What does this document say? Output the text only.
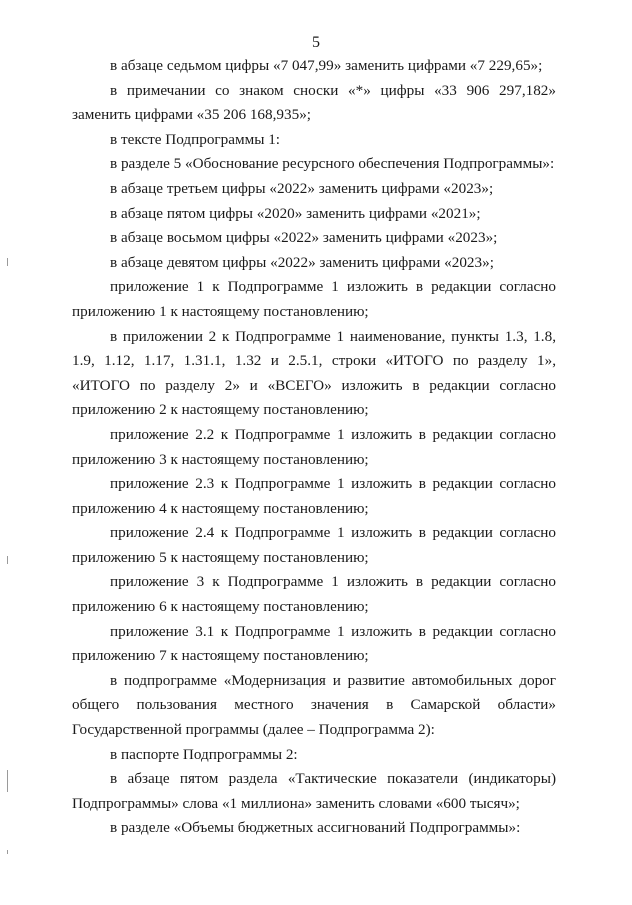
5

в абзаце седьмом цифры «7 047,99» заменить цифрами «7 229,65»;

в примечании со знаком сноски «*» цифры «33 906 297,182» заменить цифрами «35 206 168,935»;

в тексте Подпрограммы 1:

в разделе 5 «Обоснование ресурсного обеспечения Подпрограммы»:

в абзаце третьем цифры «2022» заменить цифрами «2023»;

в абзаце пятом цифры «2020» заменить цифрами «2021»;

в абзаце восьмом цифры «2022» заменить цифрами «2023»;

в абзаце девятом цифры «2022» заменить цифрами «2023»;

приложение 1 к Подпрограмме 1 изложить в редакции согласно приложению 1 к настоящему постановлению;

в приложении 2 к Подпрограмме 1 наименование, пункты 1.3, 1.8, 1.9, 1.12, 1.17, 1.31.1, 1.32 и 2.5.1, строки «ИТОГО по разделу 1», «ИТОГО по разделу 2» и «ВСЕГО» изложить в редакции согласно приложению 2 к настоящему постановлению;

приложение 2.2 к Подпрограмме 1 изложить в редакции согласно приложению 3 к настоящему постановлению;

приложение 2.3 к Подпрограмме 1 изложить в редакции согласно приложению 4 к настоящему постановлению;

приложение 2.4 к Подпрограмме 1 изложить в редакции согласно приложению 5 к настоящему постановлению;

приложение 3 к Подпрограмме 1 изложить в редакции согласно приложению 6 к настоящему постановлению;

приложение 3.1 к Подпрограмме 1 изложить в редакции согласно приложению 7 к настоящему постановлению;

в подпрограмме «Модернизация и развитие автомобильных дорог общего пользования местного значения в Самарской области» Государственной программы (далее – Подпрограмма 2):

в паспорте Подпрограммы 2:

в абзаце пятом раздела «Тактические показатели (индикаторы) Подпрограммы» слова «1 миллиона» заменить словами «600 тысяч»;

в разделе «Объемы бюджетных ассигнований Подпрограммы»:
